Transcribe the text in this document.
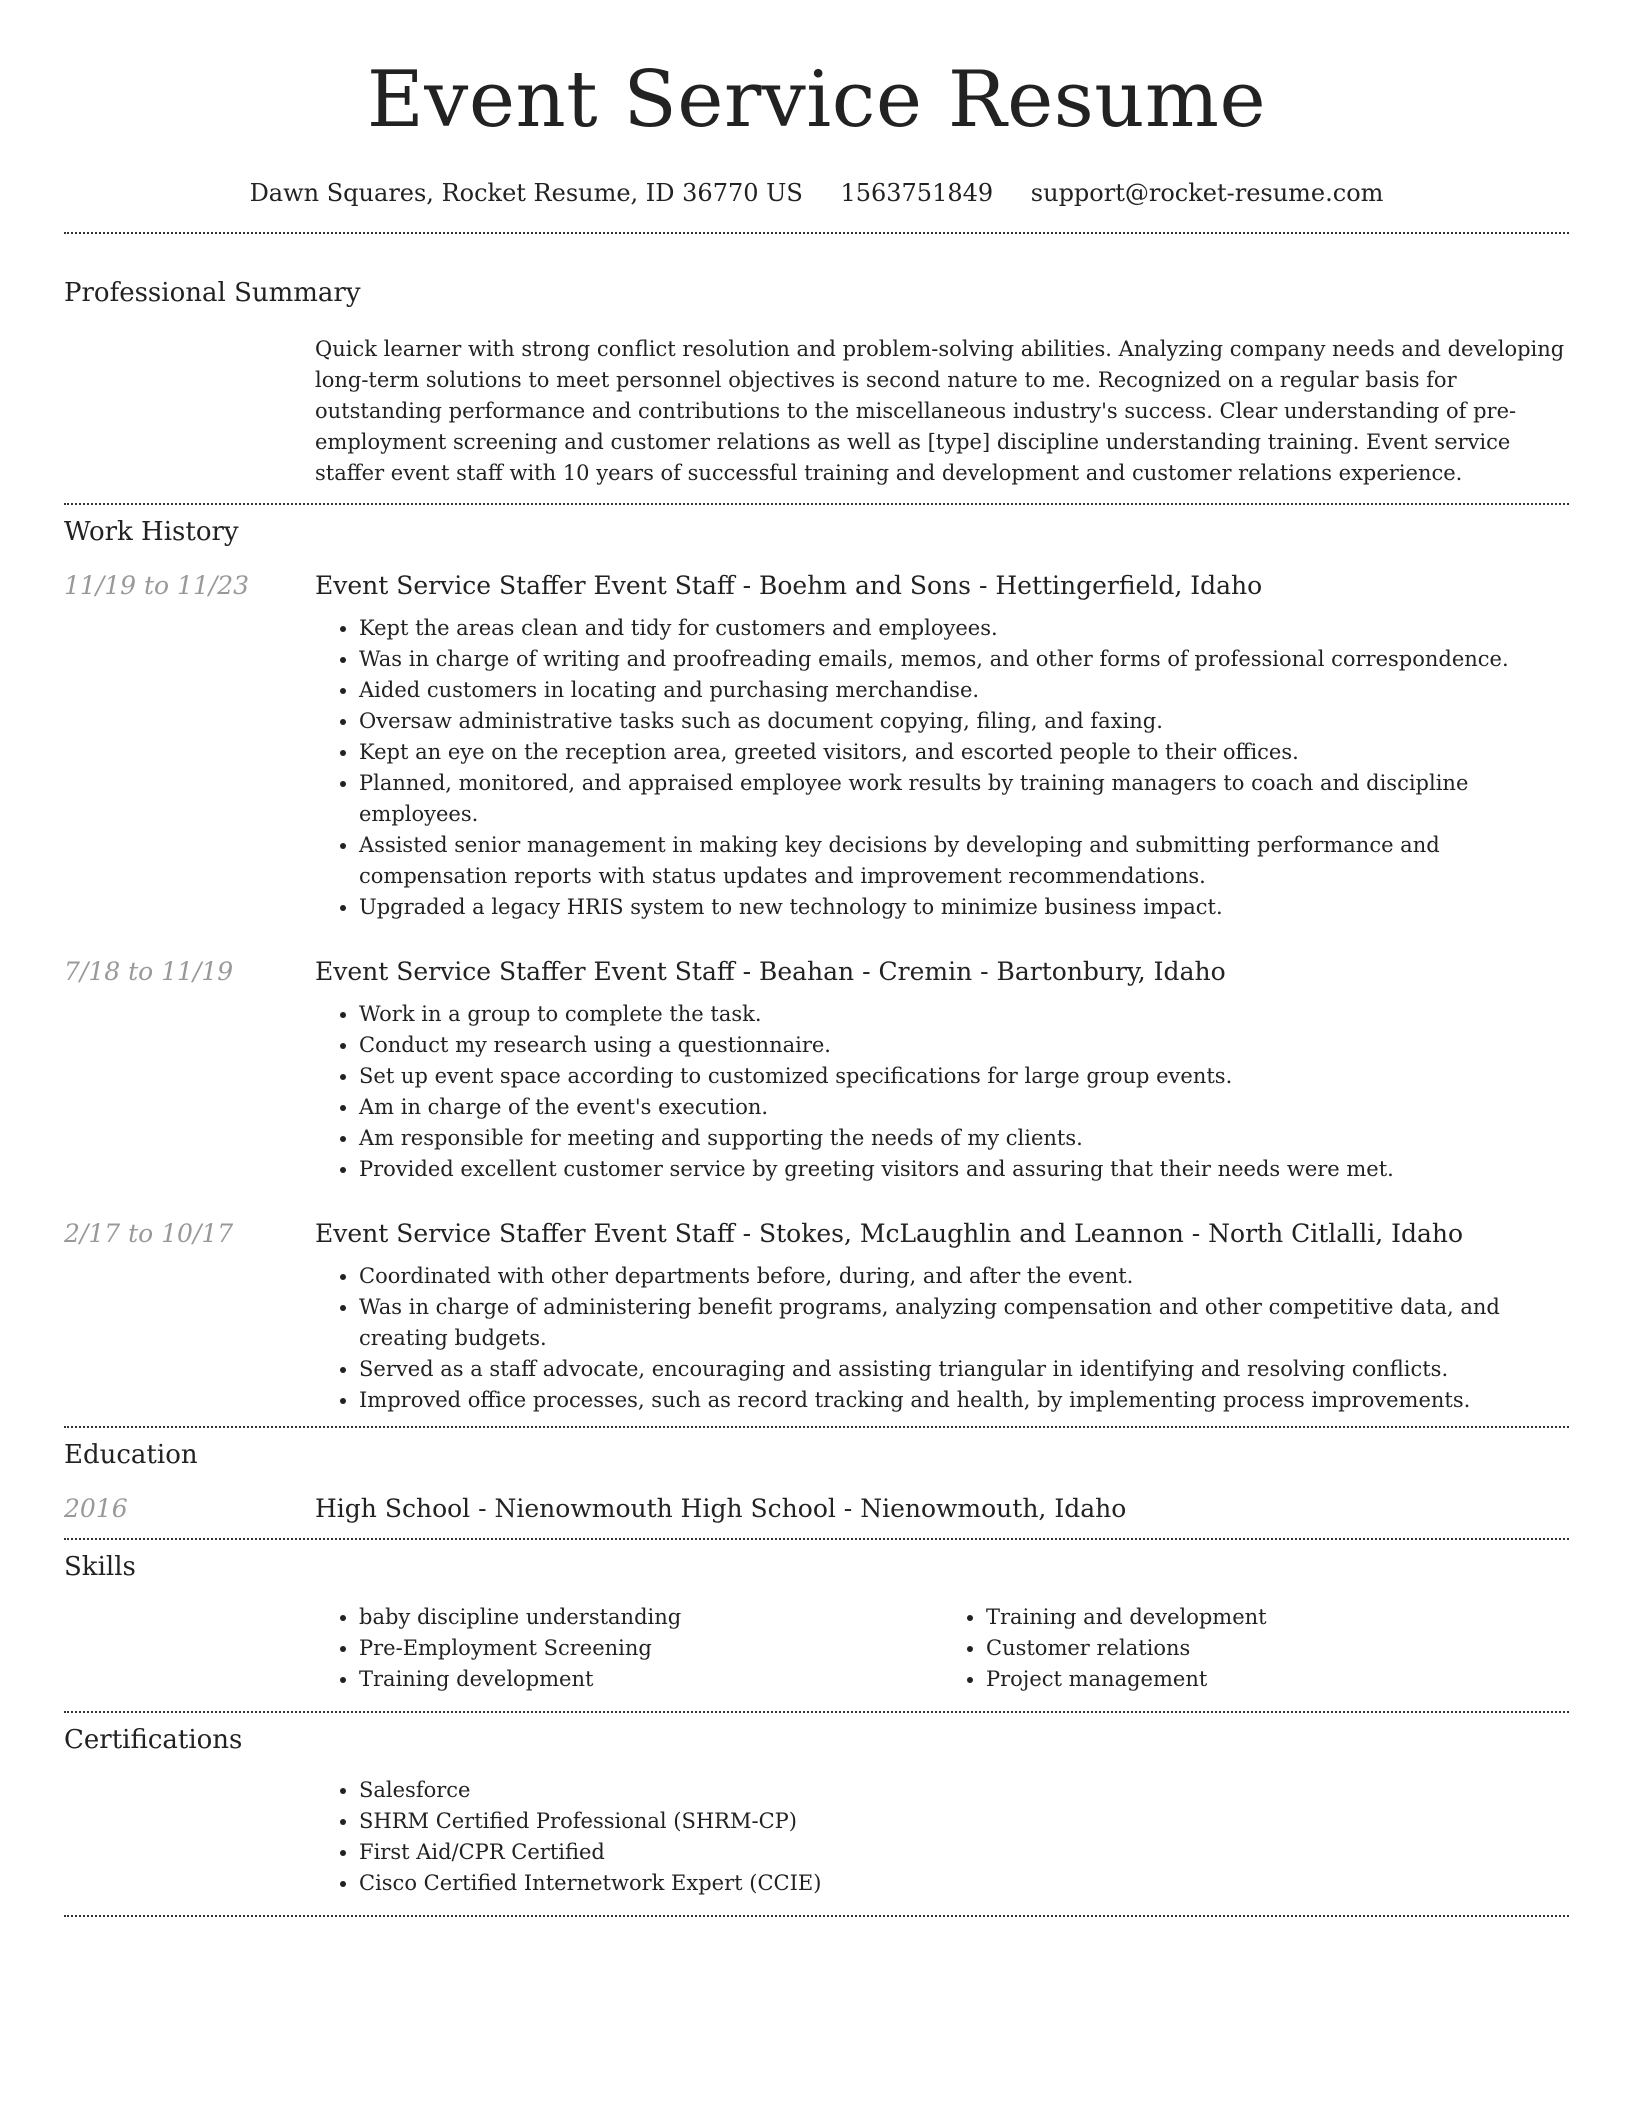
Event Service Resume
Dawn Squares, Rocket Resume, ID 36770 US 1563751849 support@rocket-resume.com
Professional Summary

Quick learner with strong conflict resolution and problem-solving abilities. Analyzing company needs and developing long-term solutions to meet personnel objectives is second nature to me. Recognized on a regular basis for outstanding performance and contributions to the miscellaneous industry's success. Clear understanding of pre-employment screening and customer relations as well as [type] discipline understanding training. Event service staffer event staff with 10 years of successful training and development and customer relations experience.

Work History
11/19 to 11/23	Event Service Staffer Event Staff - Boehm and Sons - Hettingerfield, Idaho
• Kept the areas clean and tidy for customers and employees.
• Was in charge of writing and proofreading emails, memos, and other forms of professional correspondence.
• Aided customers in locating and purchasing merchandise.
• Oversaw administrative tasks such as document copying, filing, and faxing.
• Kept an eye on the reception area, greeted visitors, and escorted people to their offices.
• Planned, monitored, and appraised employee work results by training managers to coach and discipline employees.
• Assisted senior management in making key decisions by developing and submitting performance and compensation reports with status updates and improvement recommendations.
• Upgraded a legacy HRIS system to new technology to minimize business impact.
7/18 to 11/19	Event Service Staffer Event Staff - Beahan - Cremin - Bartonbury, Idaho
• Work in a group to complete the task.
• Conduct my research using a questionnaire.
• Set up event space according to customized specifications for large group events.
• Am in charge of the event's execution.
• Am responsible for meeting and supporting the needs of my clients.
• Provided excellent customer service by greeting visitors and assuring that their needs were met.
2/17 to 10/17	Event Service Staffer Event Staff - Stokes, McLaughlin and Leannon - North Citlalli, Idaho
• Coordinated with other departments before, during, and after the event.
• Was in charge of administering benefit programs, analyzing compensation and other competitive data, and creating budgets.
• Served as a staff advocate, encouraging and assisting triangular in identifying and resolving conflicts.
• Improved office processes, such as record tracking and health, by implementing process improvements.
Education
2016	High School - Nienowmouth High School - Nienowmouth, Idaho
Skills
• baby discipline understanding
• Pre-Employment Screening
• Training development
• Training and development
• Customer relations
• Project management
Certifications
• Salesforce
• SHRM Certified Professional (SHRM-CP)
• First Aid/CPR Certified
• Cisco Certified Internetwork Expert (CCIE)
